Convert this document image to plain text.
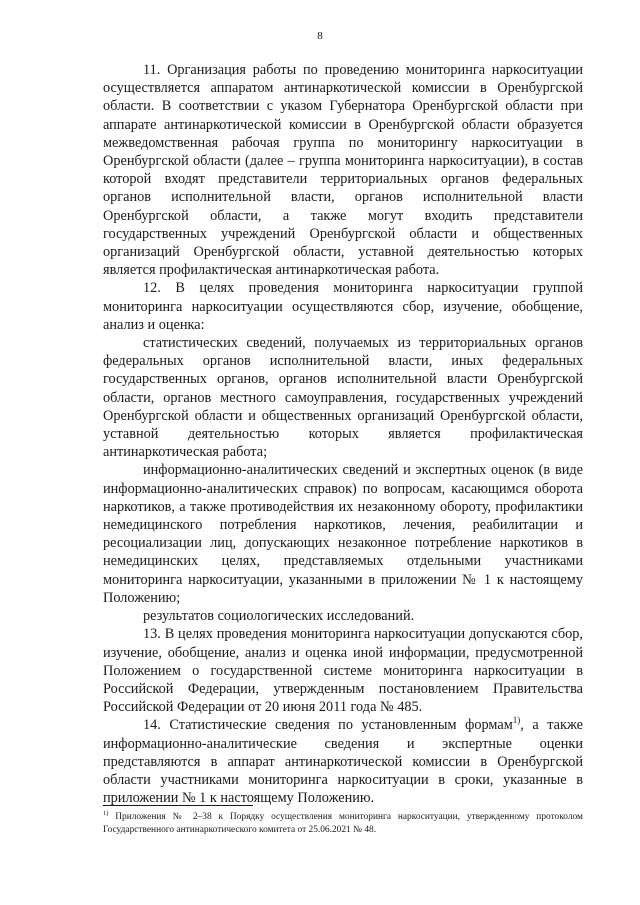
8

11. Организация работы по проведению мониторинга наркоситуации осуществляется аппаратом антинаркотической комиссии в Оренбургской области. В соответствии с указом Губернатора Оренбургской области при аппарате антинаркотической комиссии в Оренбургской области образуется межведомственная рабочая группа по мониторингу наркоситуации в Оренбургской области (далее – группа мониторинга наркоситуации), в состав которой входят представители территориальных органов федеральных органов исполнительной власти, органов исполнительной власти Оренбургской области, а также могут входить представители государственных учреждений Оренбургской области и общественных организаций Оренбургской области, уставной деятельностью которых является профилактическая антинаркотическая работа.

12. В целях проведения мониторинга наркоситуации группой мониторинга наркоситуации осуществляются сбор, изучение, обобщение, анализ и оценка:

статистических сведений, получаемых из территориальных органов федеральных органов исполнительной власти, иных федеральных государственных органов, органов исполнительной власти Оренбургской области, органов местного самоуправления, государственных учреждений Оренбургской области и общественных организаций Оренбургской области, уставной деятельностью которых является профилактическая антинаркотическая работа;

информационно-аналитических сведений и экспертных оценок (в виде информационно-аналитических справок) по вопросам, касающимся оборота наркотиков, а также противодействия их незаконному обороту, профилактики немедицинского потребления наркотиков, лечения, реабилитации и ресоциализации лиц, допускающих незаконное потребление наркотиков в немедицинских целях, представляемых отдельными участниками мониторинга наркоситуации, указанными в приложении № 1 к настоящему Положению;

результатов социологических исследований.

13. В целях проведения мониторинга наркоситуации допускаются сбор, изучение, обобщение, анализ и оценка иной информации, предусмотренной Положением о государственной системе мониторинга наркоситуации в Российской Федерации, утвержденным постановлением Правительства Российской Федерации от 20 июня 2011 года № 485.

14. Статистические сведения по установленным формам$^{1)}$, а также информационно-аналитические сведения и экспертные оценки представляются в аппарат антинаркотической комиссии в Оренбургской области участниками мониторинга наркоситуации в сроки, указанные в приложении № 1 к настоящему Положению.

$^{1)}$ Приложения № 2–38 к Порядку осуществления мониторинга наркоситуации, утвержденному протоколом Государственного антинаркотического комитета от 25.06.2021 № 48.
